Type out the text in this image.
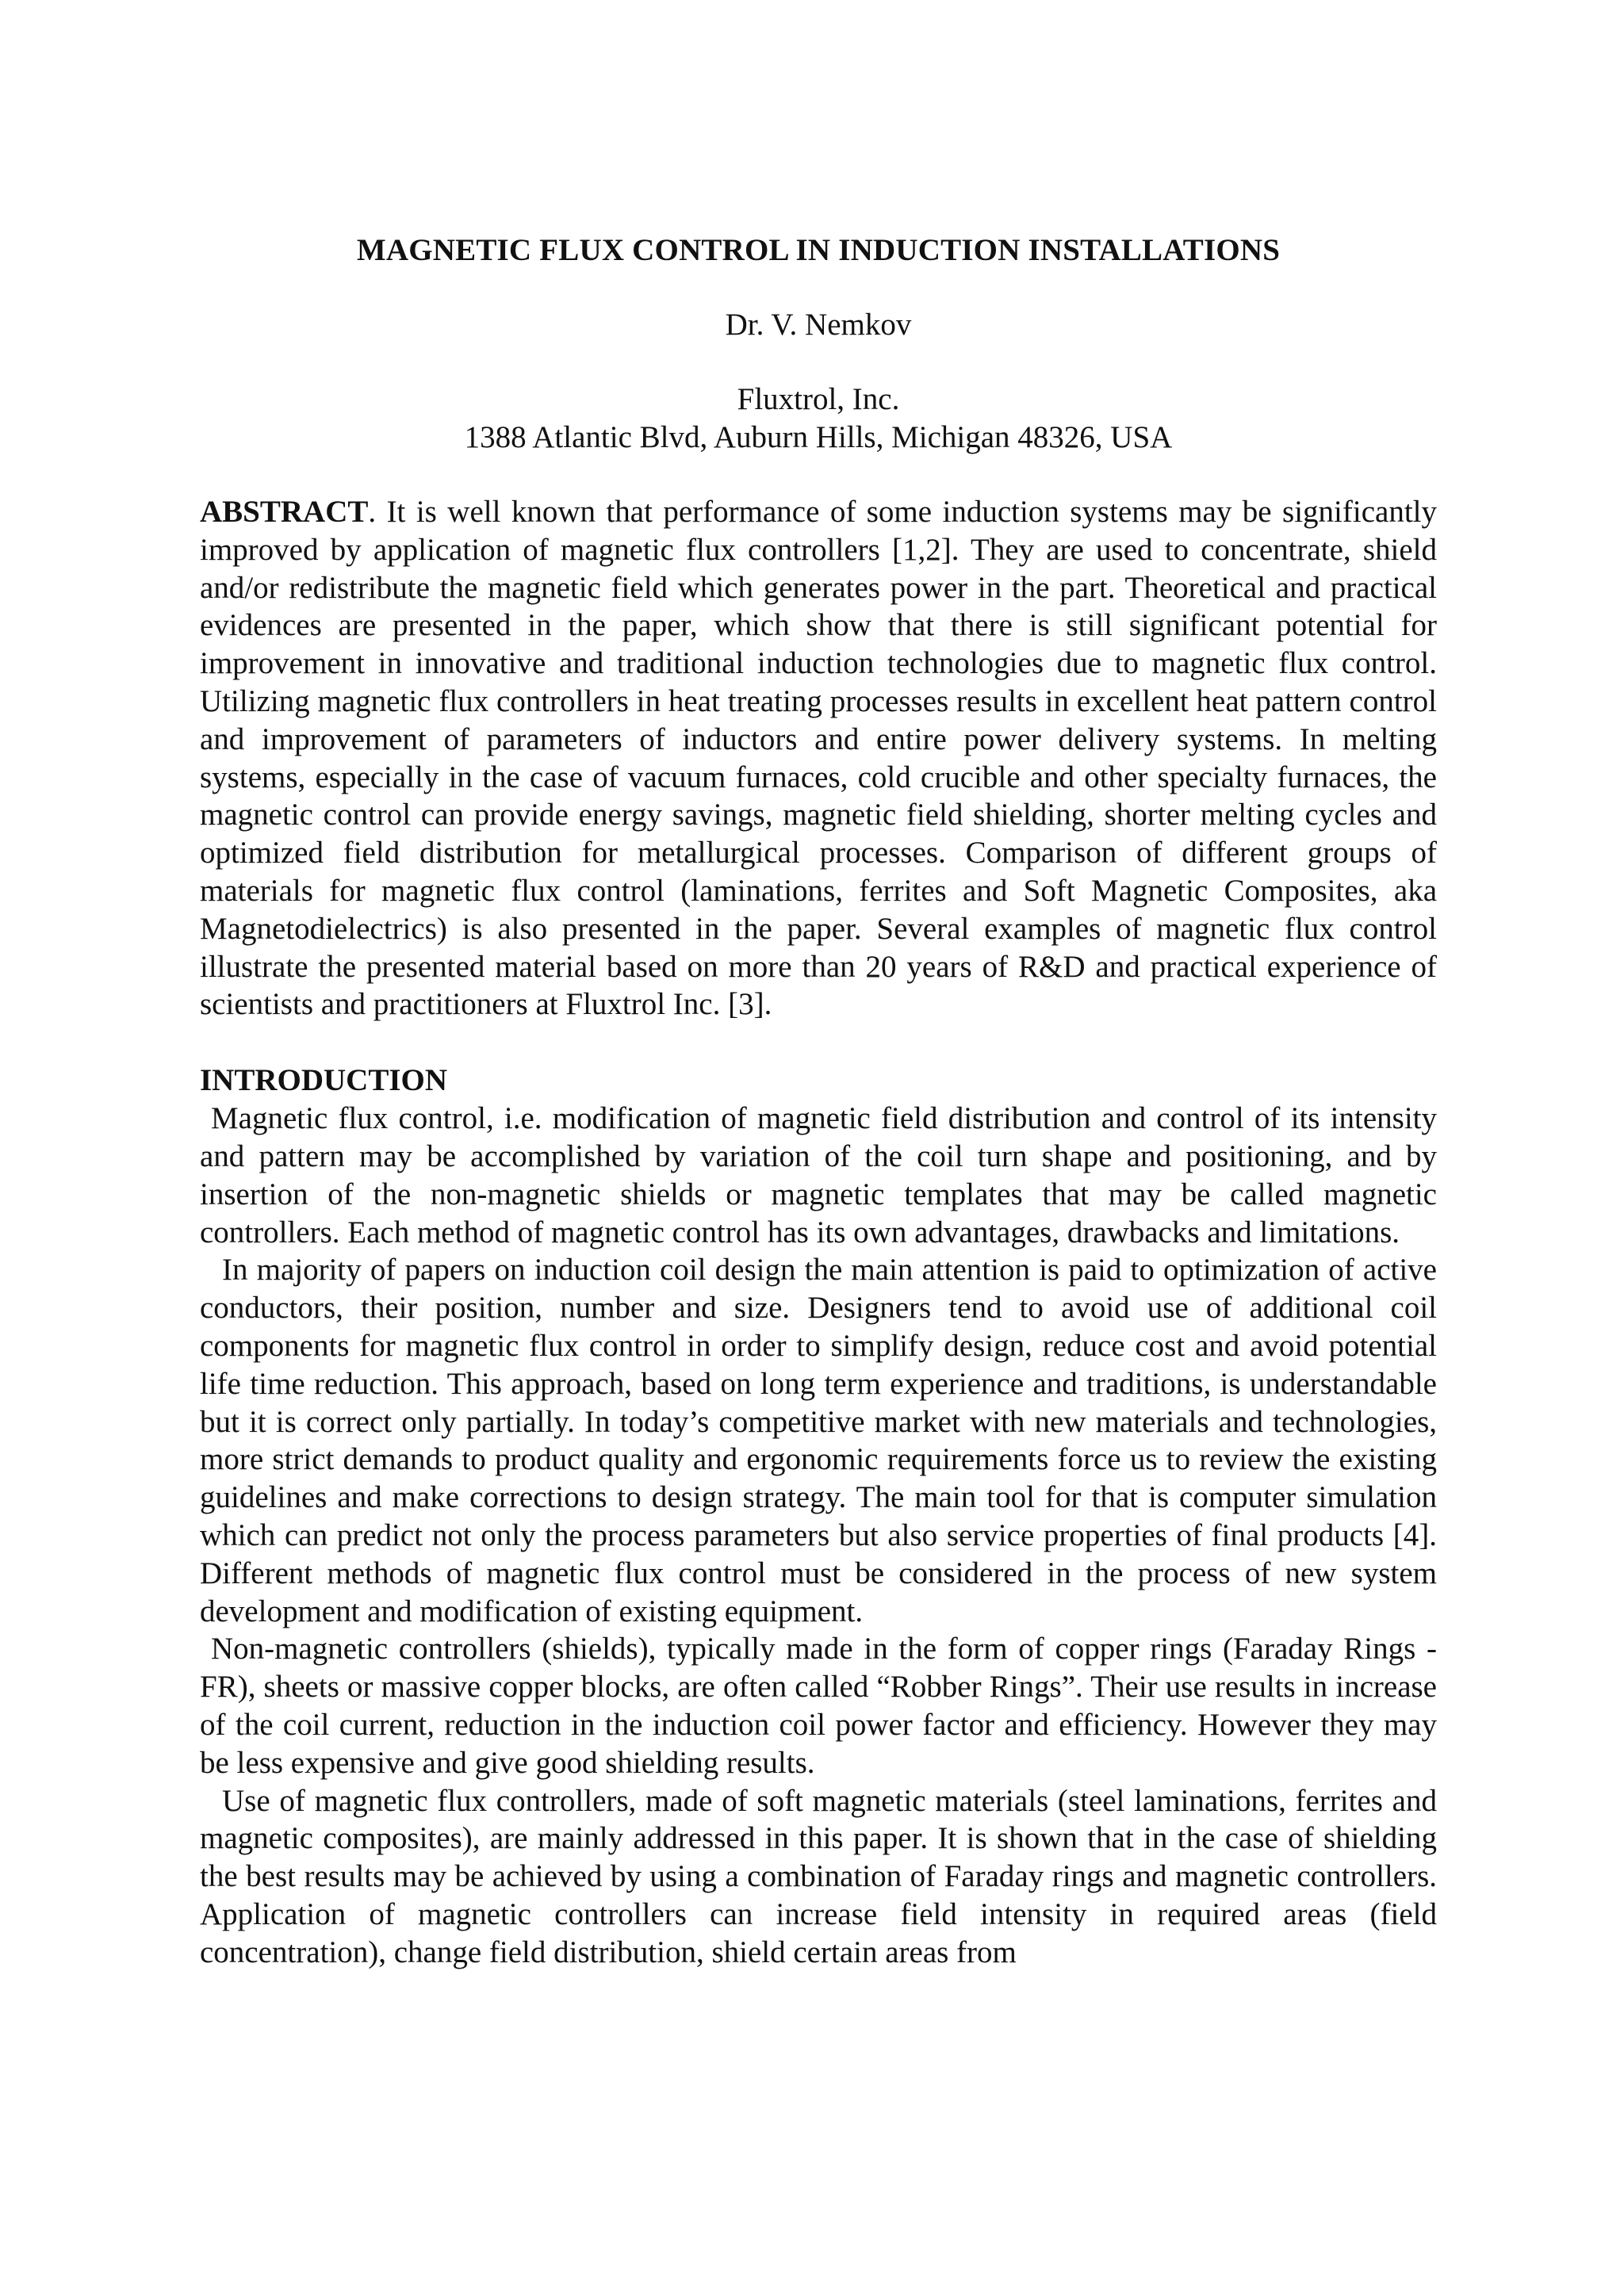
MAGNETIC FLUX CONTROL IN INDUCTION INSTALLATIONS
Dr. V. Nemkov
Fluxtrol, Inc.
1388 Atlantic Blvd, Auburn Hills, Michigan 48326, USA

ABSTRACT. It is well known that performance of some induction systems may be significantly improved by application of magnetic flux controllers [1,2]. They are used to concentrate, shield and/or redistribute the magnetic field which generates power in the part. Theoretical and practical evidences are presented in the paper, which show that there is still significant potential for improvement in innovative and traditional induction technologies due to magnetic flux control. Utilizing magnetic flux controllers in heat treating processes results in excellent heat pattern control and improvement of parameters of inductors and entire power delivery systems. In melting systems, especially in the case of vacuum furnaces, cold crucible and other specialty furnaces, the magnetic control can provide energy savings, magnetic field shielding, shorter melting cycles and optimized field distribution for metallurgical processes. Comparison of different groups of materials for magnetic flux control (laminations, ferrites and Soft Magnetic Composites, aka Magnetodielectrics) is also presented in the paper. Several examples of magnetic flux control illustrate the presented material based on more than 20 years of R&D and practical experience of scientists and practitioners at Fluxtrol Inc. [3].

INTRODUCTION

Magnetic flux control, i.e. modification of magnetic field distribution and control of its intensity and pattern may be accomplished by variation of the coil turn shape and positioning, and by insertion of the non-magnetic shields or magnetic templates that may be called magnetic controllers. Each method of magnetic control has its own advantages, drawbacks and limitations.

In majority of papers on induction coil design the main attention is paid to optimization of active conductors, their position, number and size. Designers tend to avoid use of additional coil components for magnetic flux control in order to simplify design, reduce cost and avoid potential life time reduction. This approach, based on long term experience and traditions, is understandable but it is correct only partially. In today’s competitive market with new materials and technologies, more strict demands to product quality and ergonomic requirements force us to review the existing guidelines and make corrections to design strategy. The main tool for that is computer simulation which can predict not only the process parameters but also service properties of final products [4]. Different methods of magnetic flux control must be considered in the process of new system development and modification of existing equipment.

Non-magnetic controllers (shields), typically made in the form of copper rings (Faraday Rings - FR), sheets or massive copper blocks, are often called “Robber Rings”. Their use results in increase of the coil current, reduction in the induction coil power factor and efficiency. However they may be less expensive and give good shielding results.

Use of magnetic flux controllers, made of soft magnetic materials (steel laminations, ferrites and magnetic composites), are mainly addressed in this paper. It is shown that in the case of shielding the best results may be achieved by using a combination of Faraday rings and magnetic controllers. Application of magnetic controllers can increase field intensity in required areas (field concentration), change field distribution, shield certain areas from
